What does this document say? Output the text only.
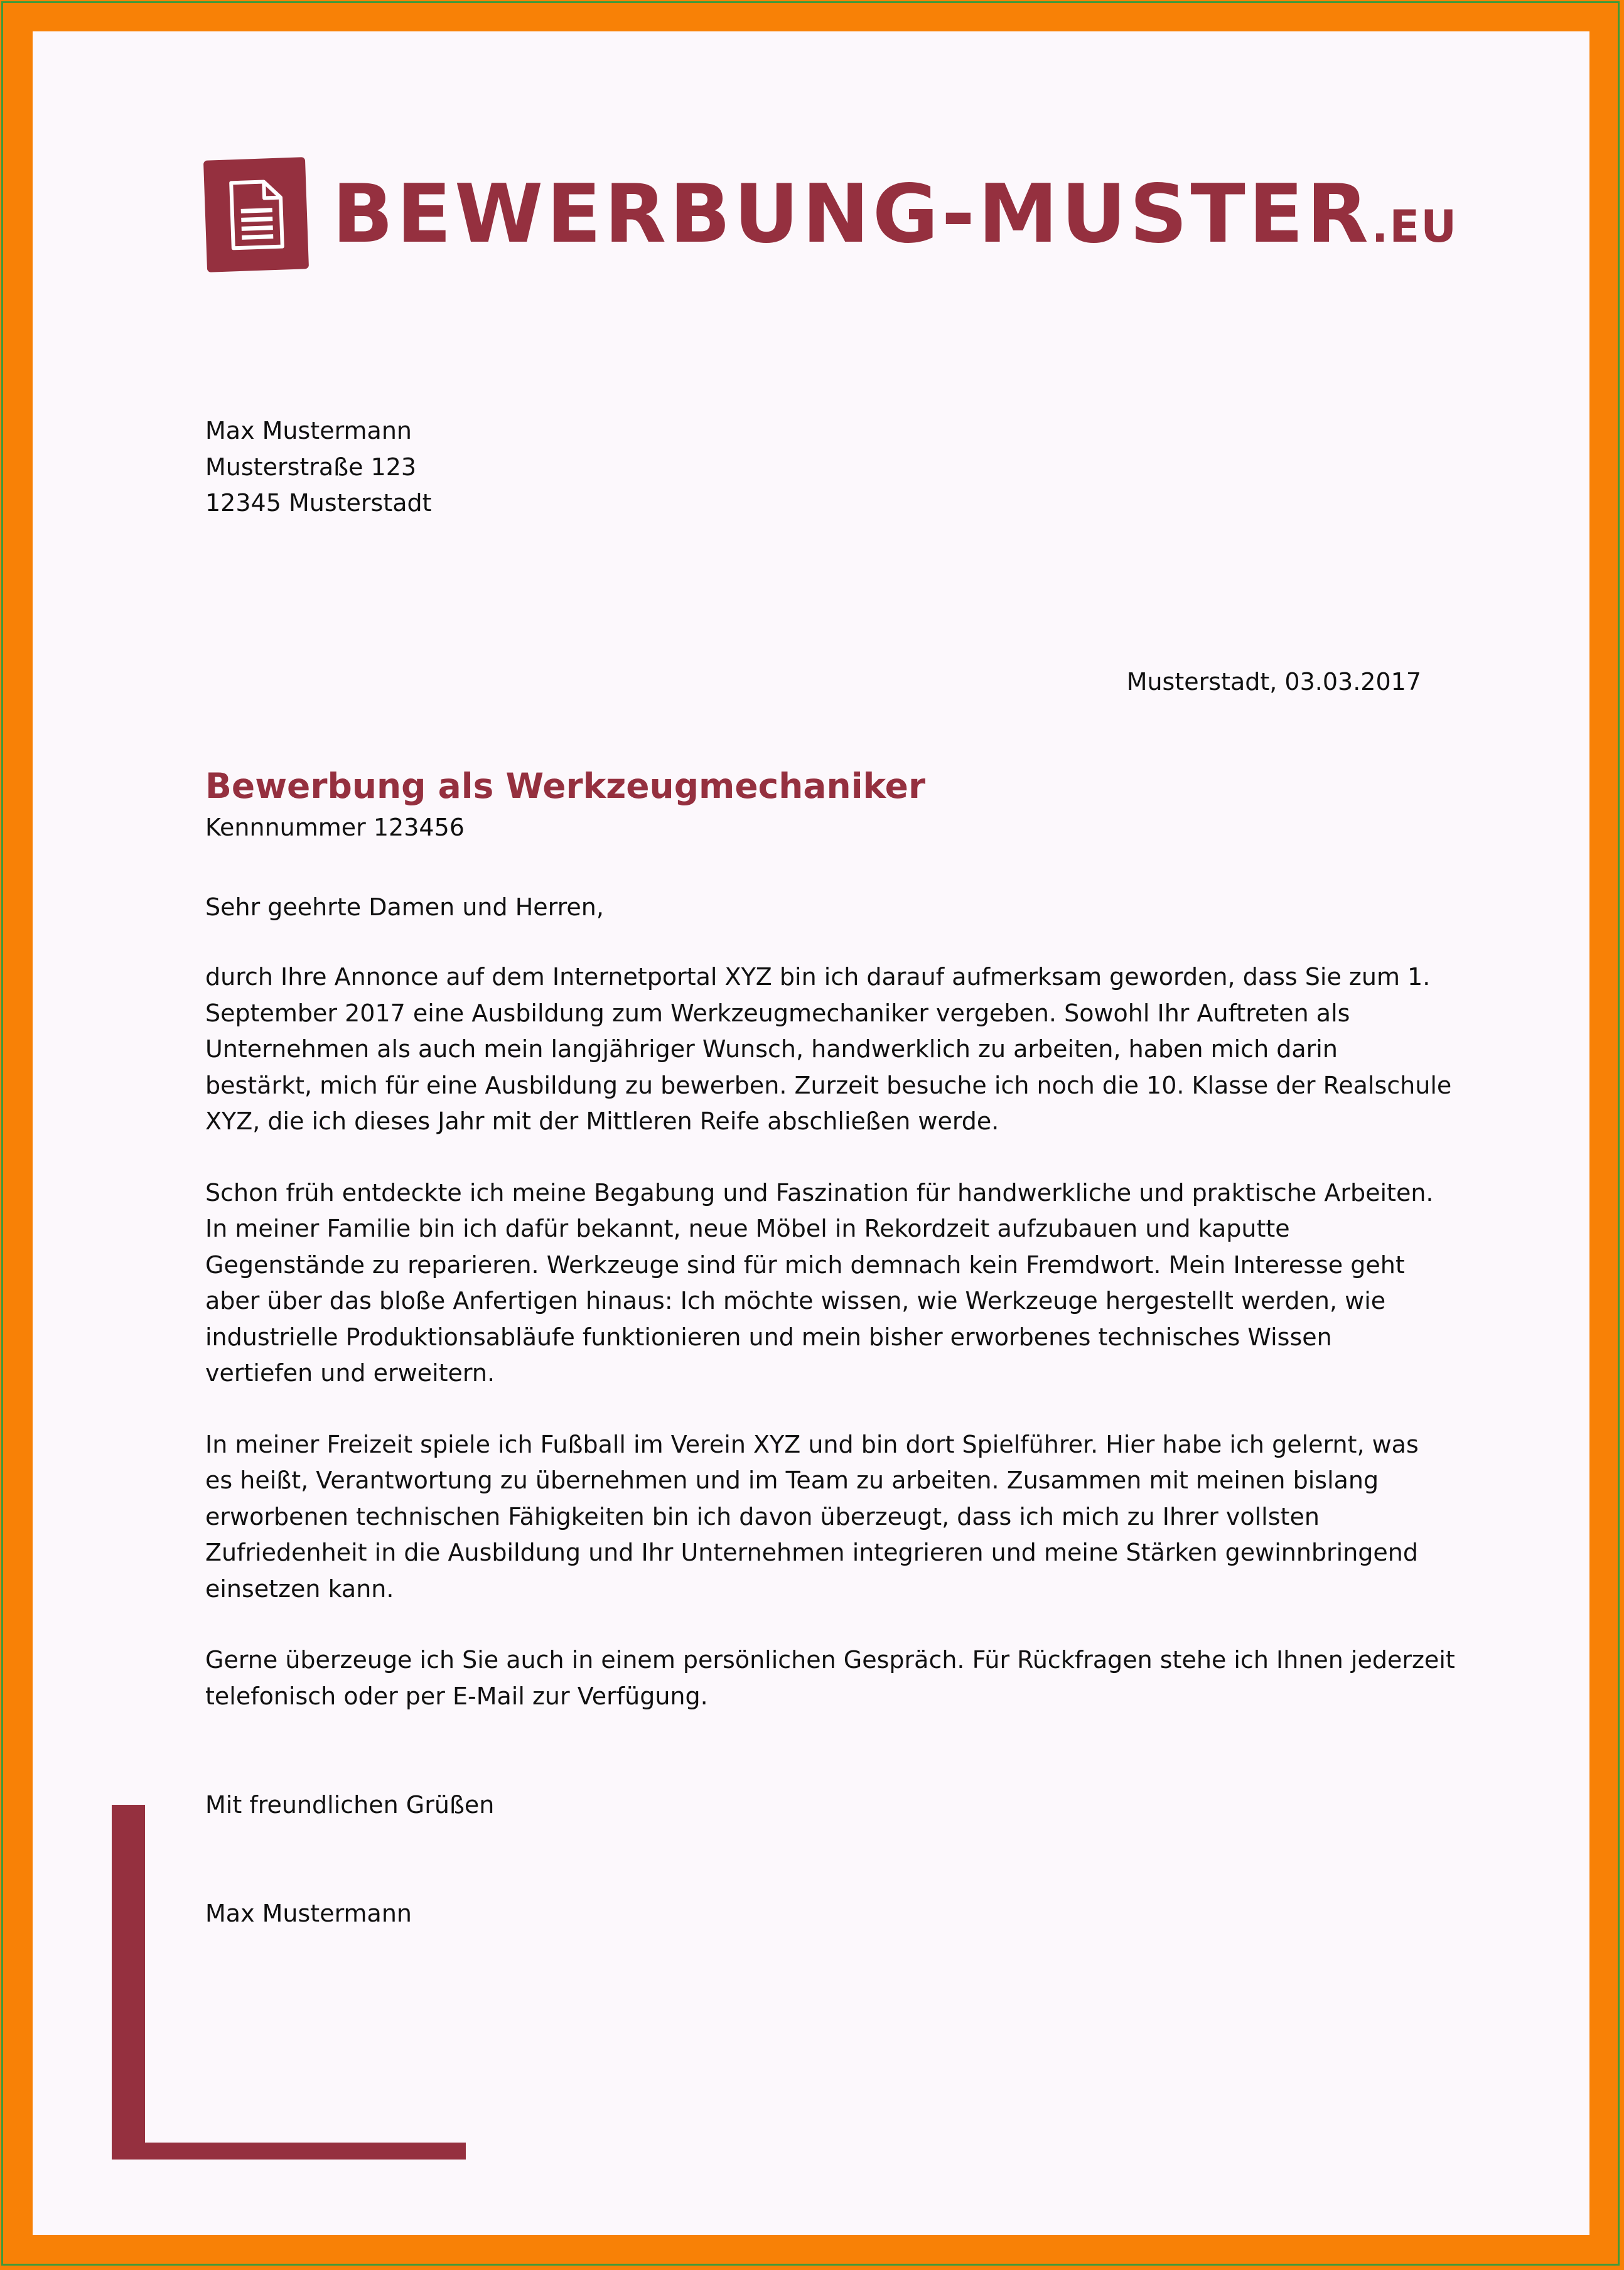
BEWERBUNG-MUSTER.EU
Max Mustermann
Musterstraße 123
12345 Musterstadt
Musterstadt, 03.03.2017
Bewerbung als Werkzeugmechaniker
Kennnummer 123456
Sehr geehrte Damen und Herren,
durch Ihre Annonce auf dem Internetportal XYZ bin ich darauf aufmerksam geworden, dass Sie zum 1.
September 2017 eine Ausbildung zum Werkzeugmechaniker vergeben. Sowohl Ihr Auftreten als
Unternehmen als auch mein langjähriger Wunsch, handwerklich zu arbeiten, haben mich darin
bestärkt, mich für eine Ausbildung zu bewerben. Zurzeit besuche ich noch die 10. Klasse der Realschule
XYZ, die ich dieses Jahr mit der Mittleren Reife abschließen werde.
Schon früh entdeckte ich meine Begabung und Faszination für handwerkliche und praktische Arbeiten.
In meiner Familie bin ich dafür bekannt, neue Möbel in Rekordzeit aufzubauen und kaputte
Gegenstände zu reparieren. Werkzeuge sind für mich demnach kein Fremdwort. Mein Interesse geht
aber über das bloße Anfertigen hinaus: Ich möchte wissen, wie Werkzeuge hergestellt werden, wie
industrielle Produktionsabläufe funktionieren und mein bisher erworbenes technisches Wissen
vertiefen und erweitern.
In meiner Freizeit spiele ich Fußball im Verein XYZ und bin dort Spielführer. Hier habe ich gelernt, was
es heißt, Verantwortung zu übernehmen und im Team zu arbeiten. Zusammen mit meinen bislang
erworbenen technischen Fähigkeiten bin ich davon überzeugt, dass ich mich zu Ihrer vollsten
Zufriedenheit in die Ausbildung und Ihr Unternehmen integrieren und meine Stärken gewinnbringend
einsetzen kann.
Gerne überzeuge ich Sie auch in einem persönlichen Gespräch. Für Rückfragen stehe ich Ihnen jederzeit
telefonisch oder per E-Mail zur Verfügung.
Mit freundlichen Grüßen
Max Mustermann
